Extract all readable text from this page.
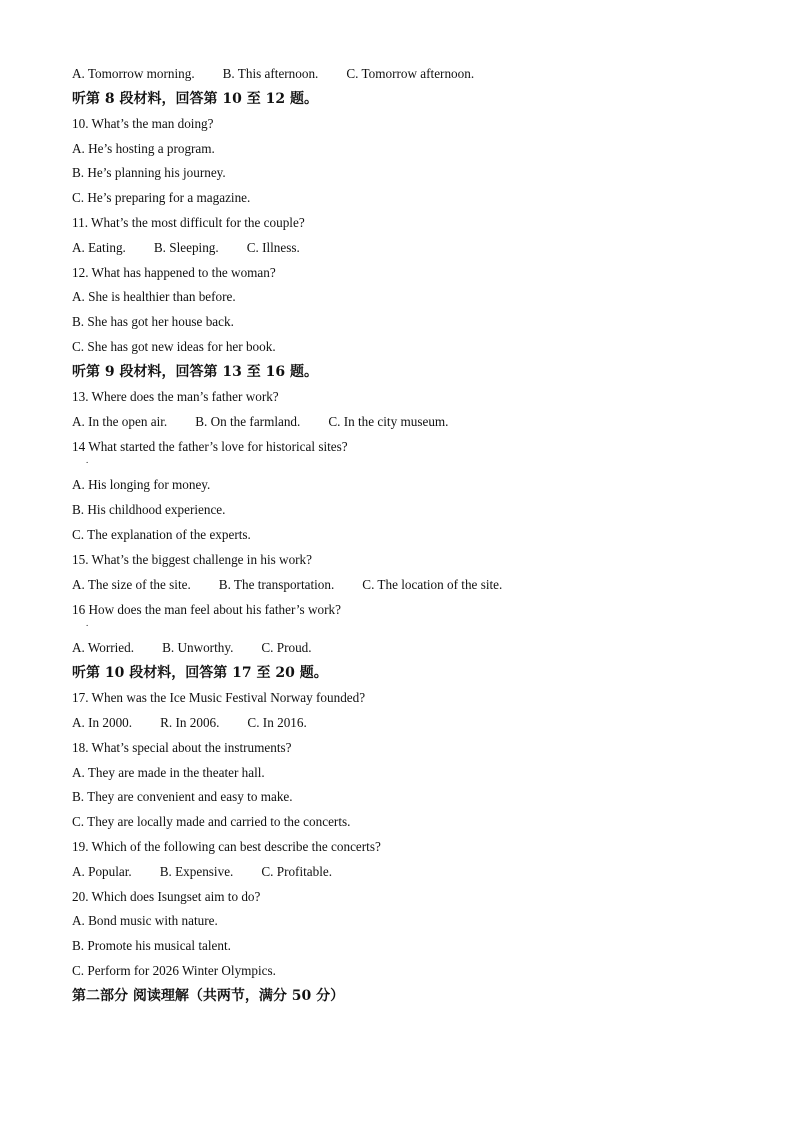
A. Tomorrow morning. B. This afternoon. C. Tomorrow afternoon.
听第 8 段材料，回答第 10 至 12 题。
10. What’s the man doing?
A. He’s hosting a program.
B. He’s planning his journey.
C. He’s preparing for a magazine.
11. What’s the most difficult for the couple?
A. Eating. B. Sleeping. C. Illness.
12. What has happened to the woman?
A. She is healthier than before.
B. She has got her house back.
C. She has got new ideas for her book.
听第 9 段材料，回答第 13 至 16 题。
13. Where does the man’s father work?
A. In the open air. B. On the farmland. C. In the city museum.
14 What started the father’s love for historical sites?
.
A. His longing for money.
B. His childhood experience.
C. The explanation of the experts.
15. What’s the biggest challenge in his work?
A. The size of the site. B. The transportation. C. The location of the site.
16 How does the man feel about his father’s work?
.
A. Worried. B. Unworthy. C. Proud.
听第 10 段材料，回答第 17 至 20 题。
17. When was the Ice Music Festival Norway founded?
A. In 2000. R. In 2006. C. In 2016.
18. What’s special about the instruments?
A. They are made in the theater hall.
B. They are convenient and easy to make.
C. They are locally made and carried to the concerts.
19. Which of the following can best describe the concerts?
A. Popular. B. Expensive. C. Profitable.
20. Which does Isungset aim to do?
A. Bond music with nature.
B. Promote his musical talent.
C. Perform for 2026 Winter Olympics.
第二部分 阅读理解（共两节，满分 50 分）
